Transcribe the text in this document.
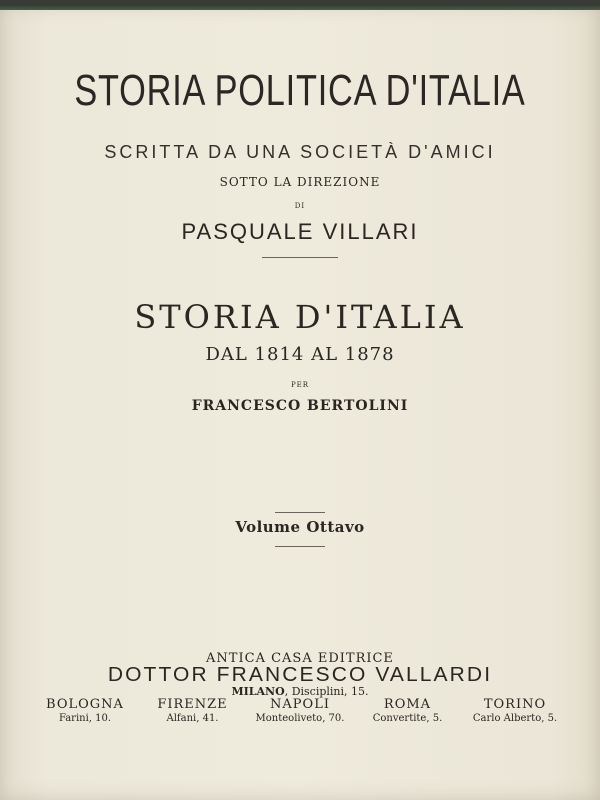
STORIA POLITICA D'ITALIA
SCRITTA DA UNA SOCIETÀ D'AMICI
SOTTO LA DIREZIONE
DI
PASQUALE VILLARI
STORIA D'ITALIA
DAL 1814 AL 1878
PER
FRANCESCO BERTOLINI
Volume Ottavo
ANTICA CASA EDITRICE
DOTTOR FRANCESCO VALLARDI
MILANO, Disciplini, 15.
BOLOGNA
Farini, 10.
FIRENZE
Alfani, 41.
NAPOLI
Monteoliveto, 70.
ROMA
Convertite, 5.
TORINO
Carlo Alberto, 5.
